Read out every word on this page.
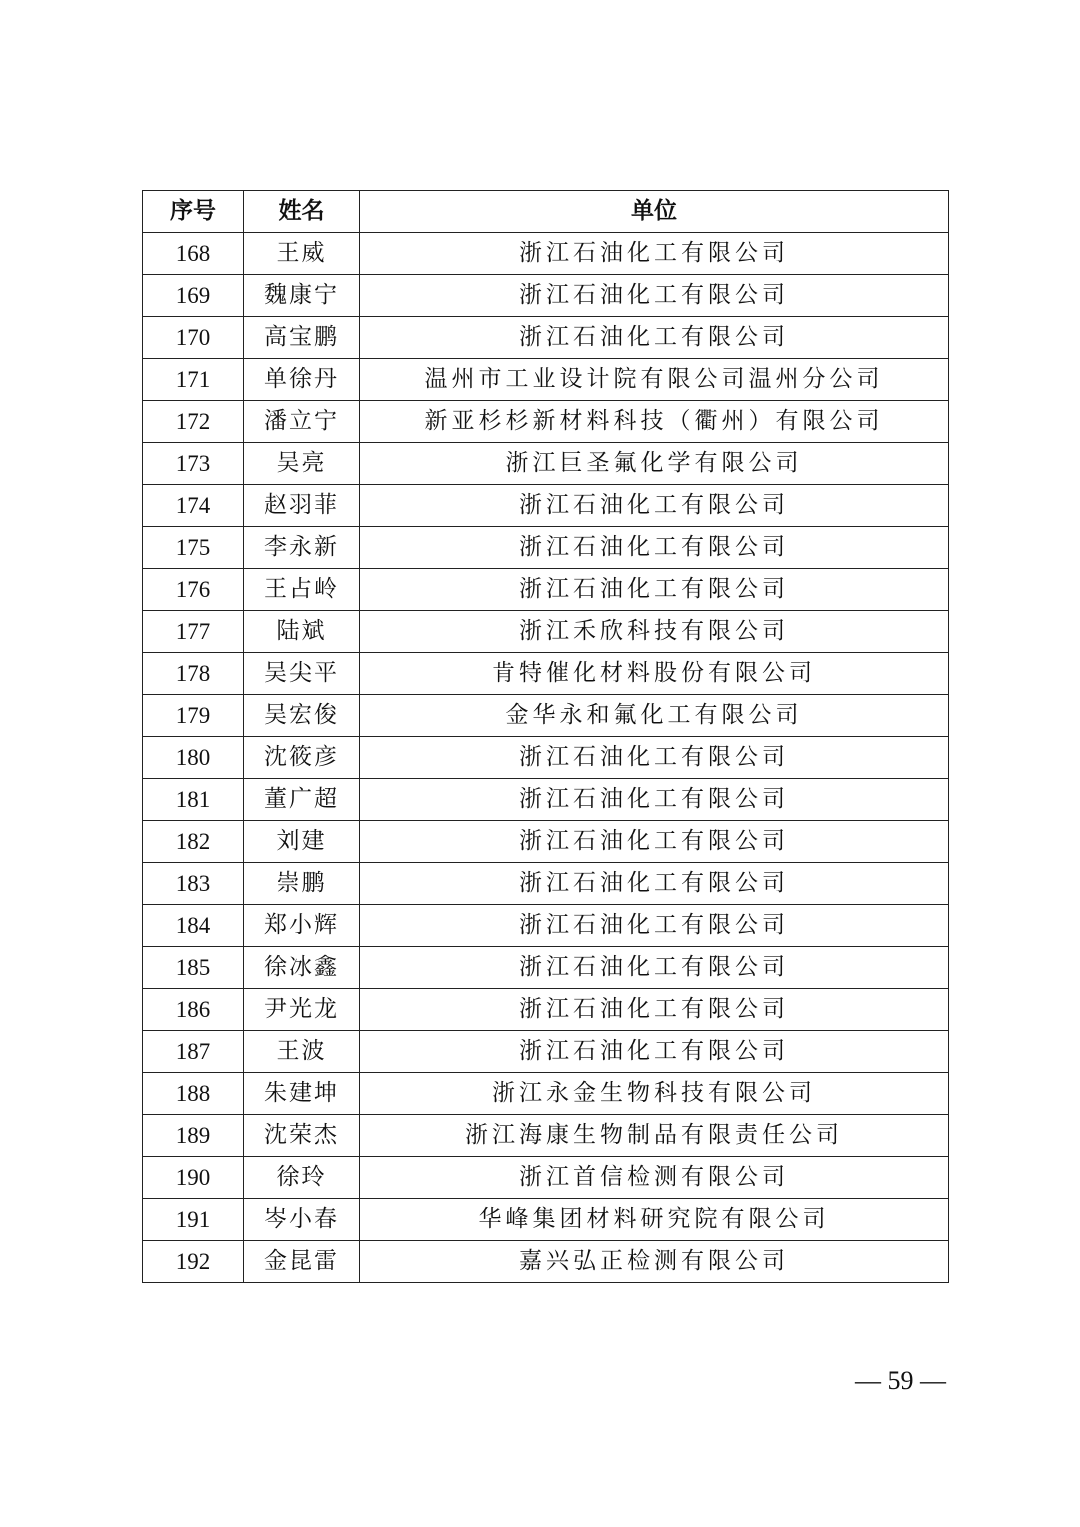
序号	姓名	单位
168	王威	浙江石油化工有限公司
169	魏康宁	浙江石油化工有限公司
170	高宝鹏	浙江石油化工有限公司
171	单徐丹	温州市工业设计院有限公司温州分公司
172	潘立宁	新亚杉杉新材料科技（衢州）有限公司
173	吴亮	浙江巨圣氟化学有限公司
174	赵羽菲	浙江石油化工有限公司
175	李永新	浙江石油化工有限公司
176	王占岭	浙江石油化工有限公司
177	陆斌	浙江禾欣科技有限公司
178	吴尖平	肯特催化材料股份有限公司
179	吴宏俊	金华永和氟化工有限公司
180	沈筱彦	浙江石油化工有限公司
181	董广超	浙江石油化工有限公司
182	刘建	浙江石油化工有限公司
183	崇鹏	浙江石油化工有限公司
184	郑小辉	浙江石油化工有限公司
185	徐冰鑫	浙江石油化工有限公司
186	尹光龙	浙江石油化工有限公司
187	王波	浙江石油化工有限公司
188	朱建坤	浙江永金生物科技有限公司
189	沈荣杰	浙江海康生物制品有限责任公司
190	徐玲	浙江首信检测有限公司
191	岑小春	华峰集团材料研究院有限公司
192	金昆雷	嘉兴弘正检测有限公司
— 59 —
